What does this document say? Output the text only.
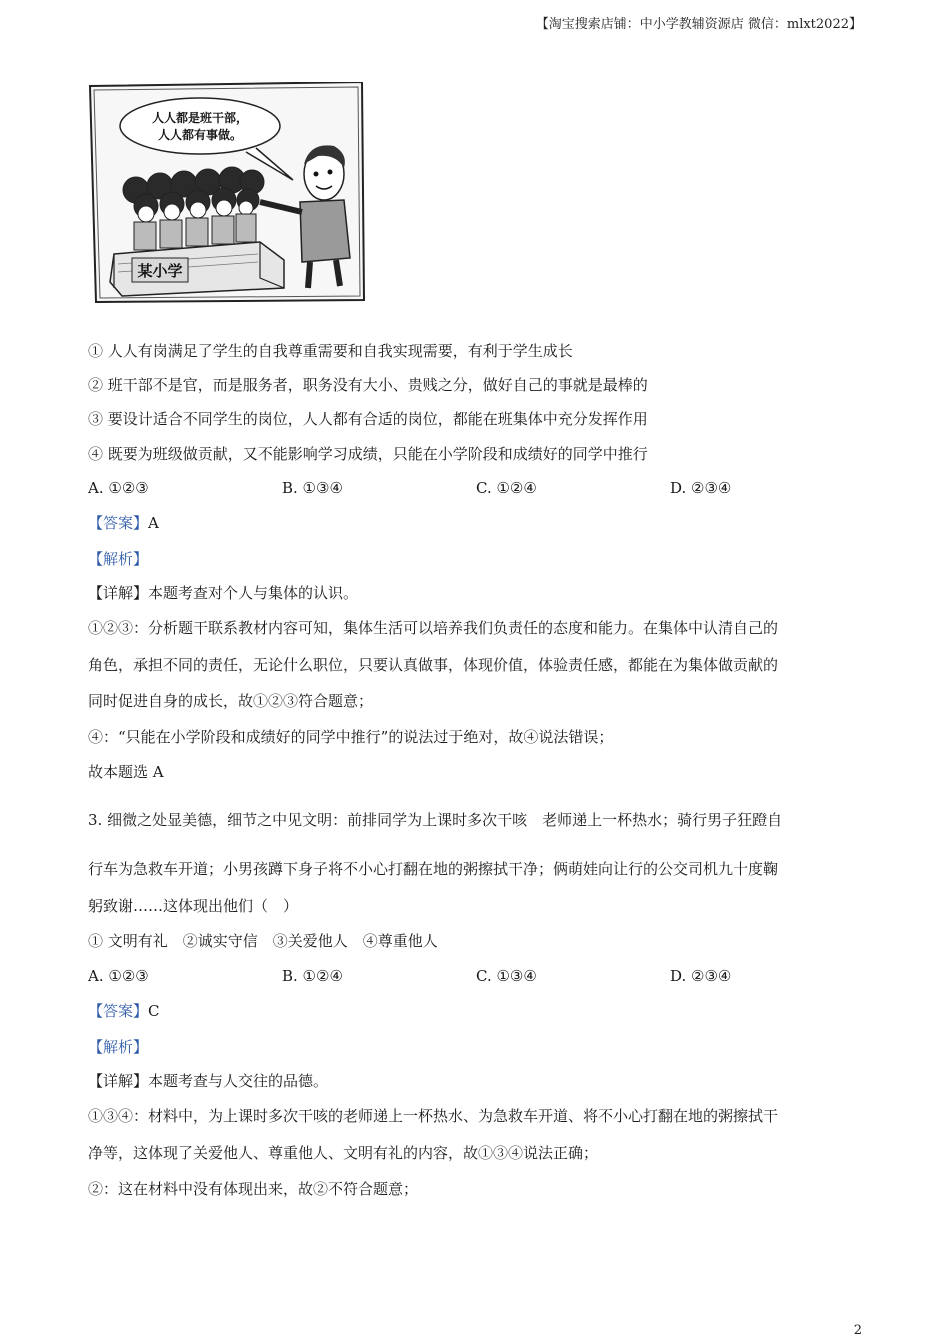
【淘宝搜索店铺：中小学教辅资源店 微信：mlxt2022】
人人都是班干部，
人人都有事做。
某小学
① 人人有岗满足了学生的自我尊重需要和自我实现需要，有利于学生成长
② 班干部不是官，而是服务者，职务没有大小、贵贱之分，做好自己的事就是最棒的
③ 要设计适合不同学生的岗位，人人都有合适的岗位，都能在班集体中充分发挥作用
④ 既要为班级做贡献，又不能影响学习成绩，只能在小学阶段和成绩好的同学中推行
A. ①②③	B. ①③④	C. ①②④	D. ②③④
【答案】A
【解析】
【详解】本题考查对个人与集体的认识。
①②③：分析题干联系教材内容可知，集体生活可以培养我们负责任的态度和能力。在集体中认清自己的
角色，承担不同的责任，无论什么职位，只要认真做事，体现价值，体验责任感，都能在为集体做贡献的
同时促进自身的成长，故①②③符合题意；
④：“只能在小学阶段和成绩好的同学中推行”的说法过于绝对，故④说法错误；
故本题选 A
3. 细微之处显美德，细节之中见文明：前排同学为上课时多次干咳　老师递上一杯热水；骑行男子狂蹬自
行车为急救车开道；小男孩蹲下身子将不小心打翻在地的粥擦拭干净；俩萌娃向让行的公交司机九十度鞠
躬致谢……这体现出他们（　）
① 文明有礼　②诚实守信　③关爱他人　④尊重他人
A. ①②③	B. ①②④	C. ①③④	D. ②③④
【答案】C
【解析】
【详解】本题考查与人交往的品德。
①③④：材料中，为上课时多次干咳的老师递上一杯热水、为急救车开道、将不小心打翻在地的粥擦拭干
净等，这体现了关爱他人、尊重他人、文明有礼的内容，故①③④说法正确；
②：这在材料中没有体现出来，故②不符合题意；
2
